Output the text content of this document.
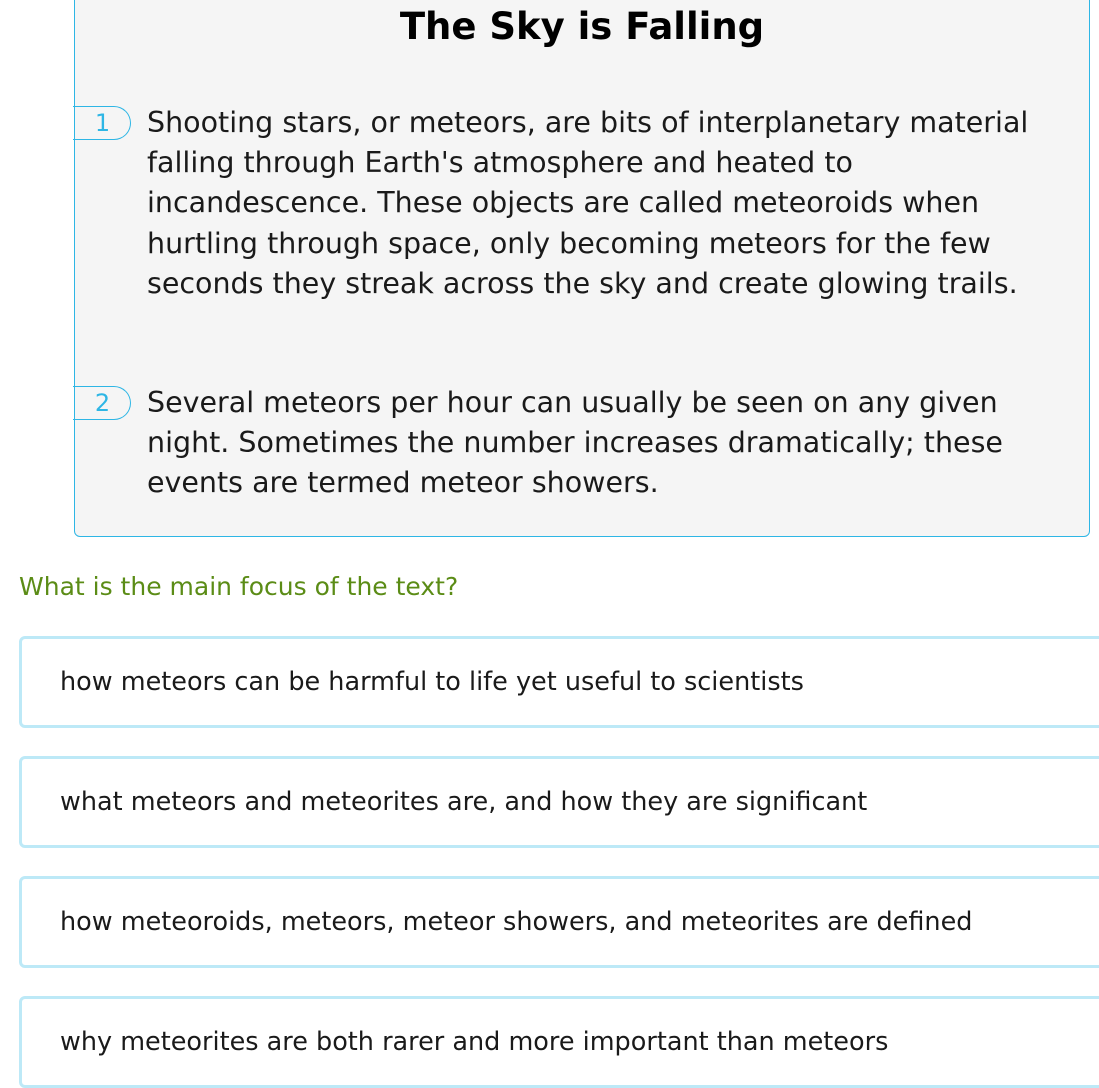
The Sky is Falling
1	Shooting stars, or meteors, are bits of interplanetary material falling through Earth's atmosphere and heated to incandescence. These objects are called meteoroids when hurtling through space, only becoming meteors for the few seconds they streak across the sky and create glowing trails.
2	Several meteors per hour can usually be seen on any given night. Sometimes the number increases dramatically; these events are termed meteor showers.
What is the main focus of the text?
how meteors can be harmful to life yet useful to scientists
what meteors and meteorites are, and how they are significant
how meteoroids, meteors, meteor showers, and meteorites are defined
why meteorites are both rarer and more important than meteors
